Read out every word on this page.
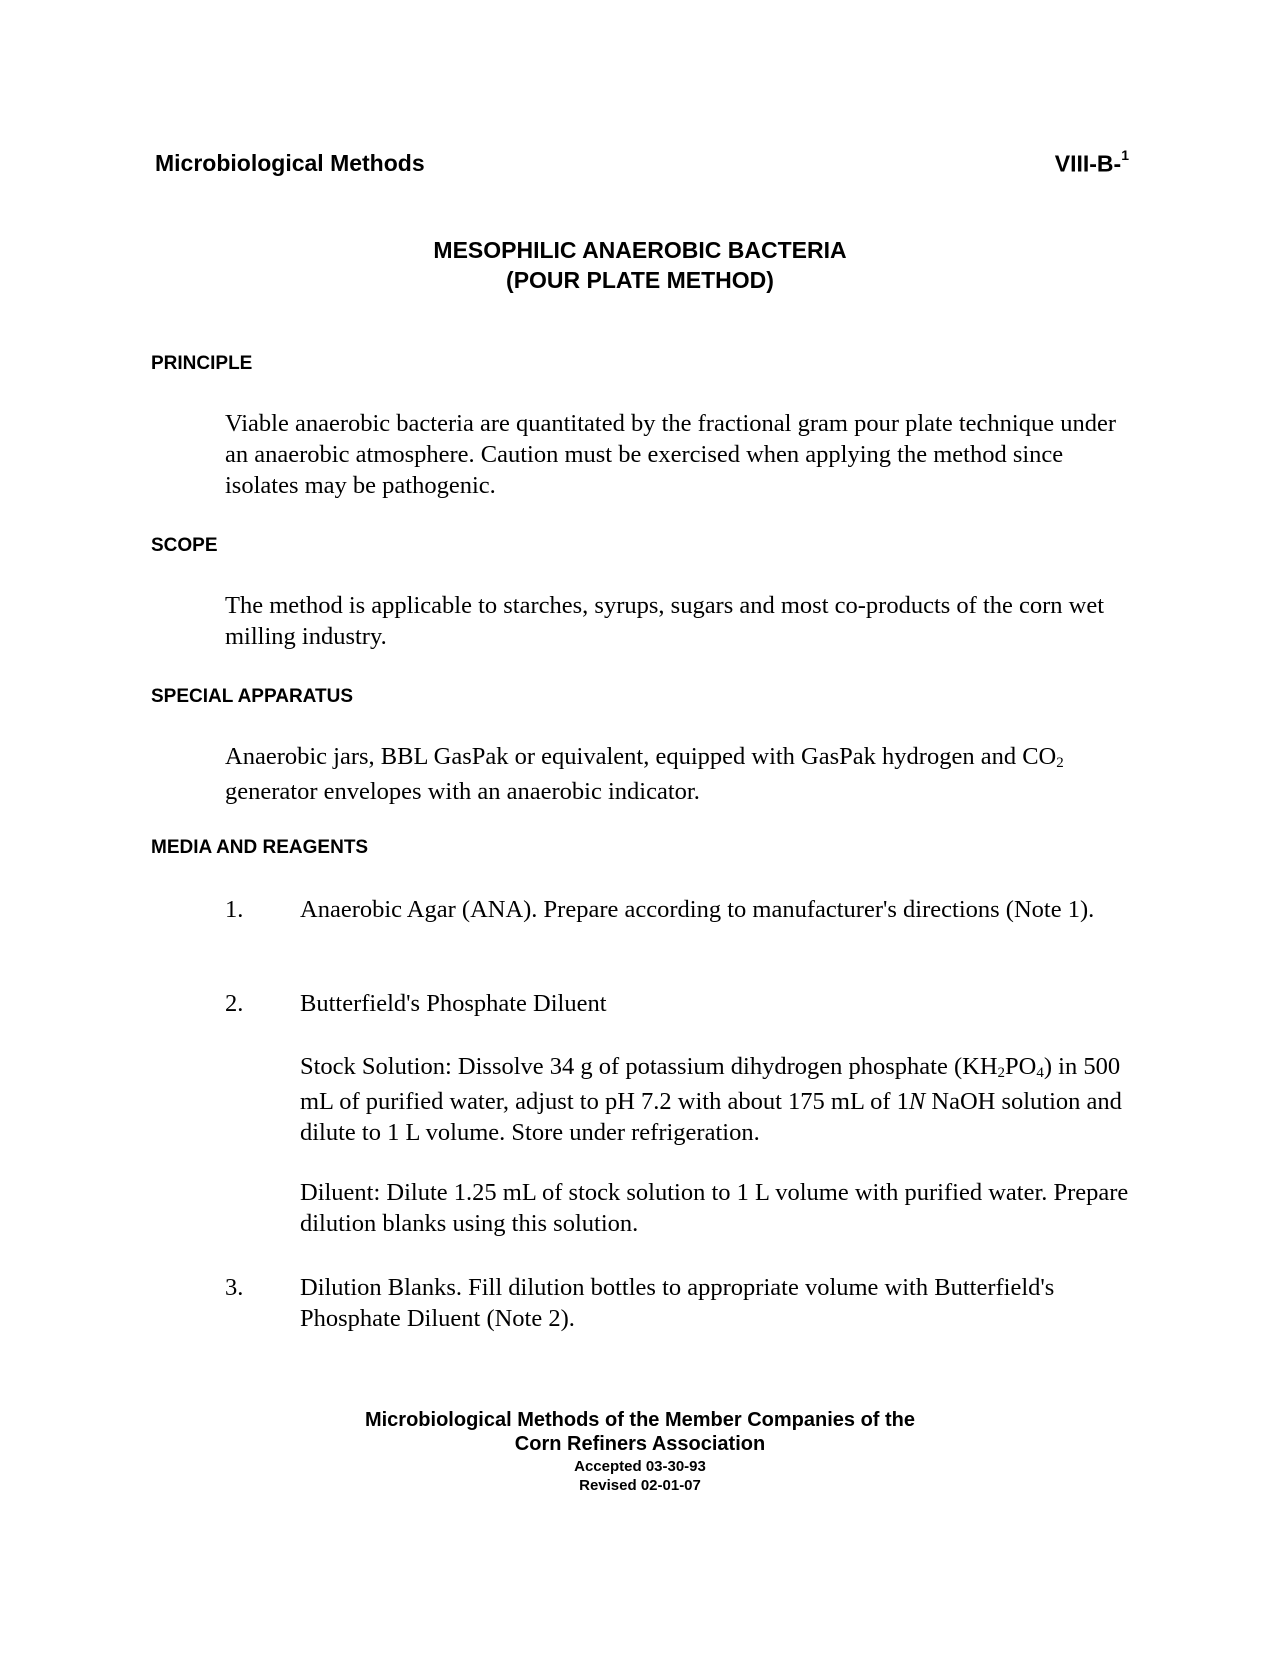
Microbiological Methods	VIII-B-$^1$
MESOPHILIC ANAEROBIC BACTERIA
(POUR PLATE METHOD)
PRINCIPLE
Viable anaerobic bacteria are quantitated by the fractional gram pour plate technique under an anaerobic atmosphere. Caution must be exercised when applying the method since isolates may be pathogenic.
SCOPE
The method is applicable to starches, syrups, sugars and most co-products of the corn wet milling industry.
SPECIAL APPARATUS
Anaerobic jars, BBL GasPak or equivalent, equipped with GasPak hydrogen and CO2 generator envelopes with an anaerobic indicator.
MEDIA AND REAGENTS
1. Anaerobic Agar (ANA). Prepare according to manufacturer's directions (Note 1).
2. Butterfield's Phosphate Diluent
Stock Solution: Dissolve 34 g of potassium dihydrogen phosphate (KH2PO4) in 500 mL of purified water, adjust to pH 7.2 with about 175 mL of 1N NaOH solution and dilute to 1 L volume. Store under refrigeration.
Diluent: Dilute 1.25 mL of stock solution to 1 L volume with purified water. Prepare dilution blanks using this solution.
3. Dilution Blanks. Fill dilution bottles to appropriate volume with Butterfield's Phosphate Diluent (Note 2).
Microbiological Methods of the Member Companies of the
Corn Refiners Association
Accepted 03-30-93
Revised 02-01-07
